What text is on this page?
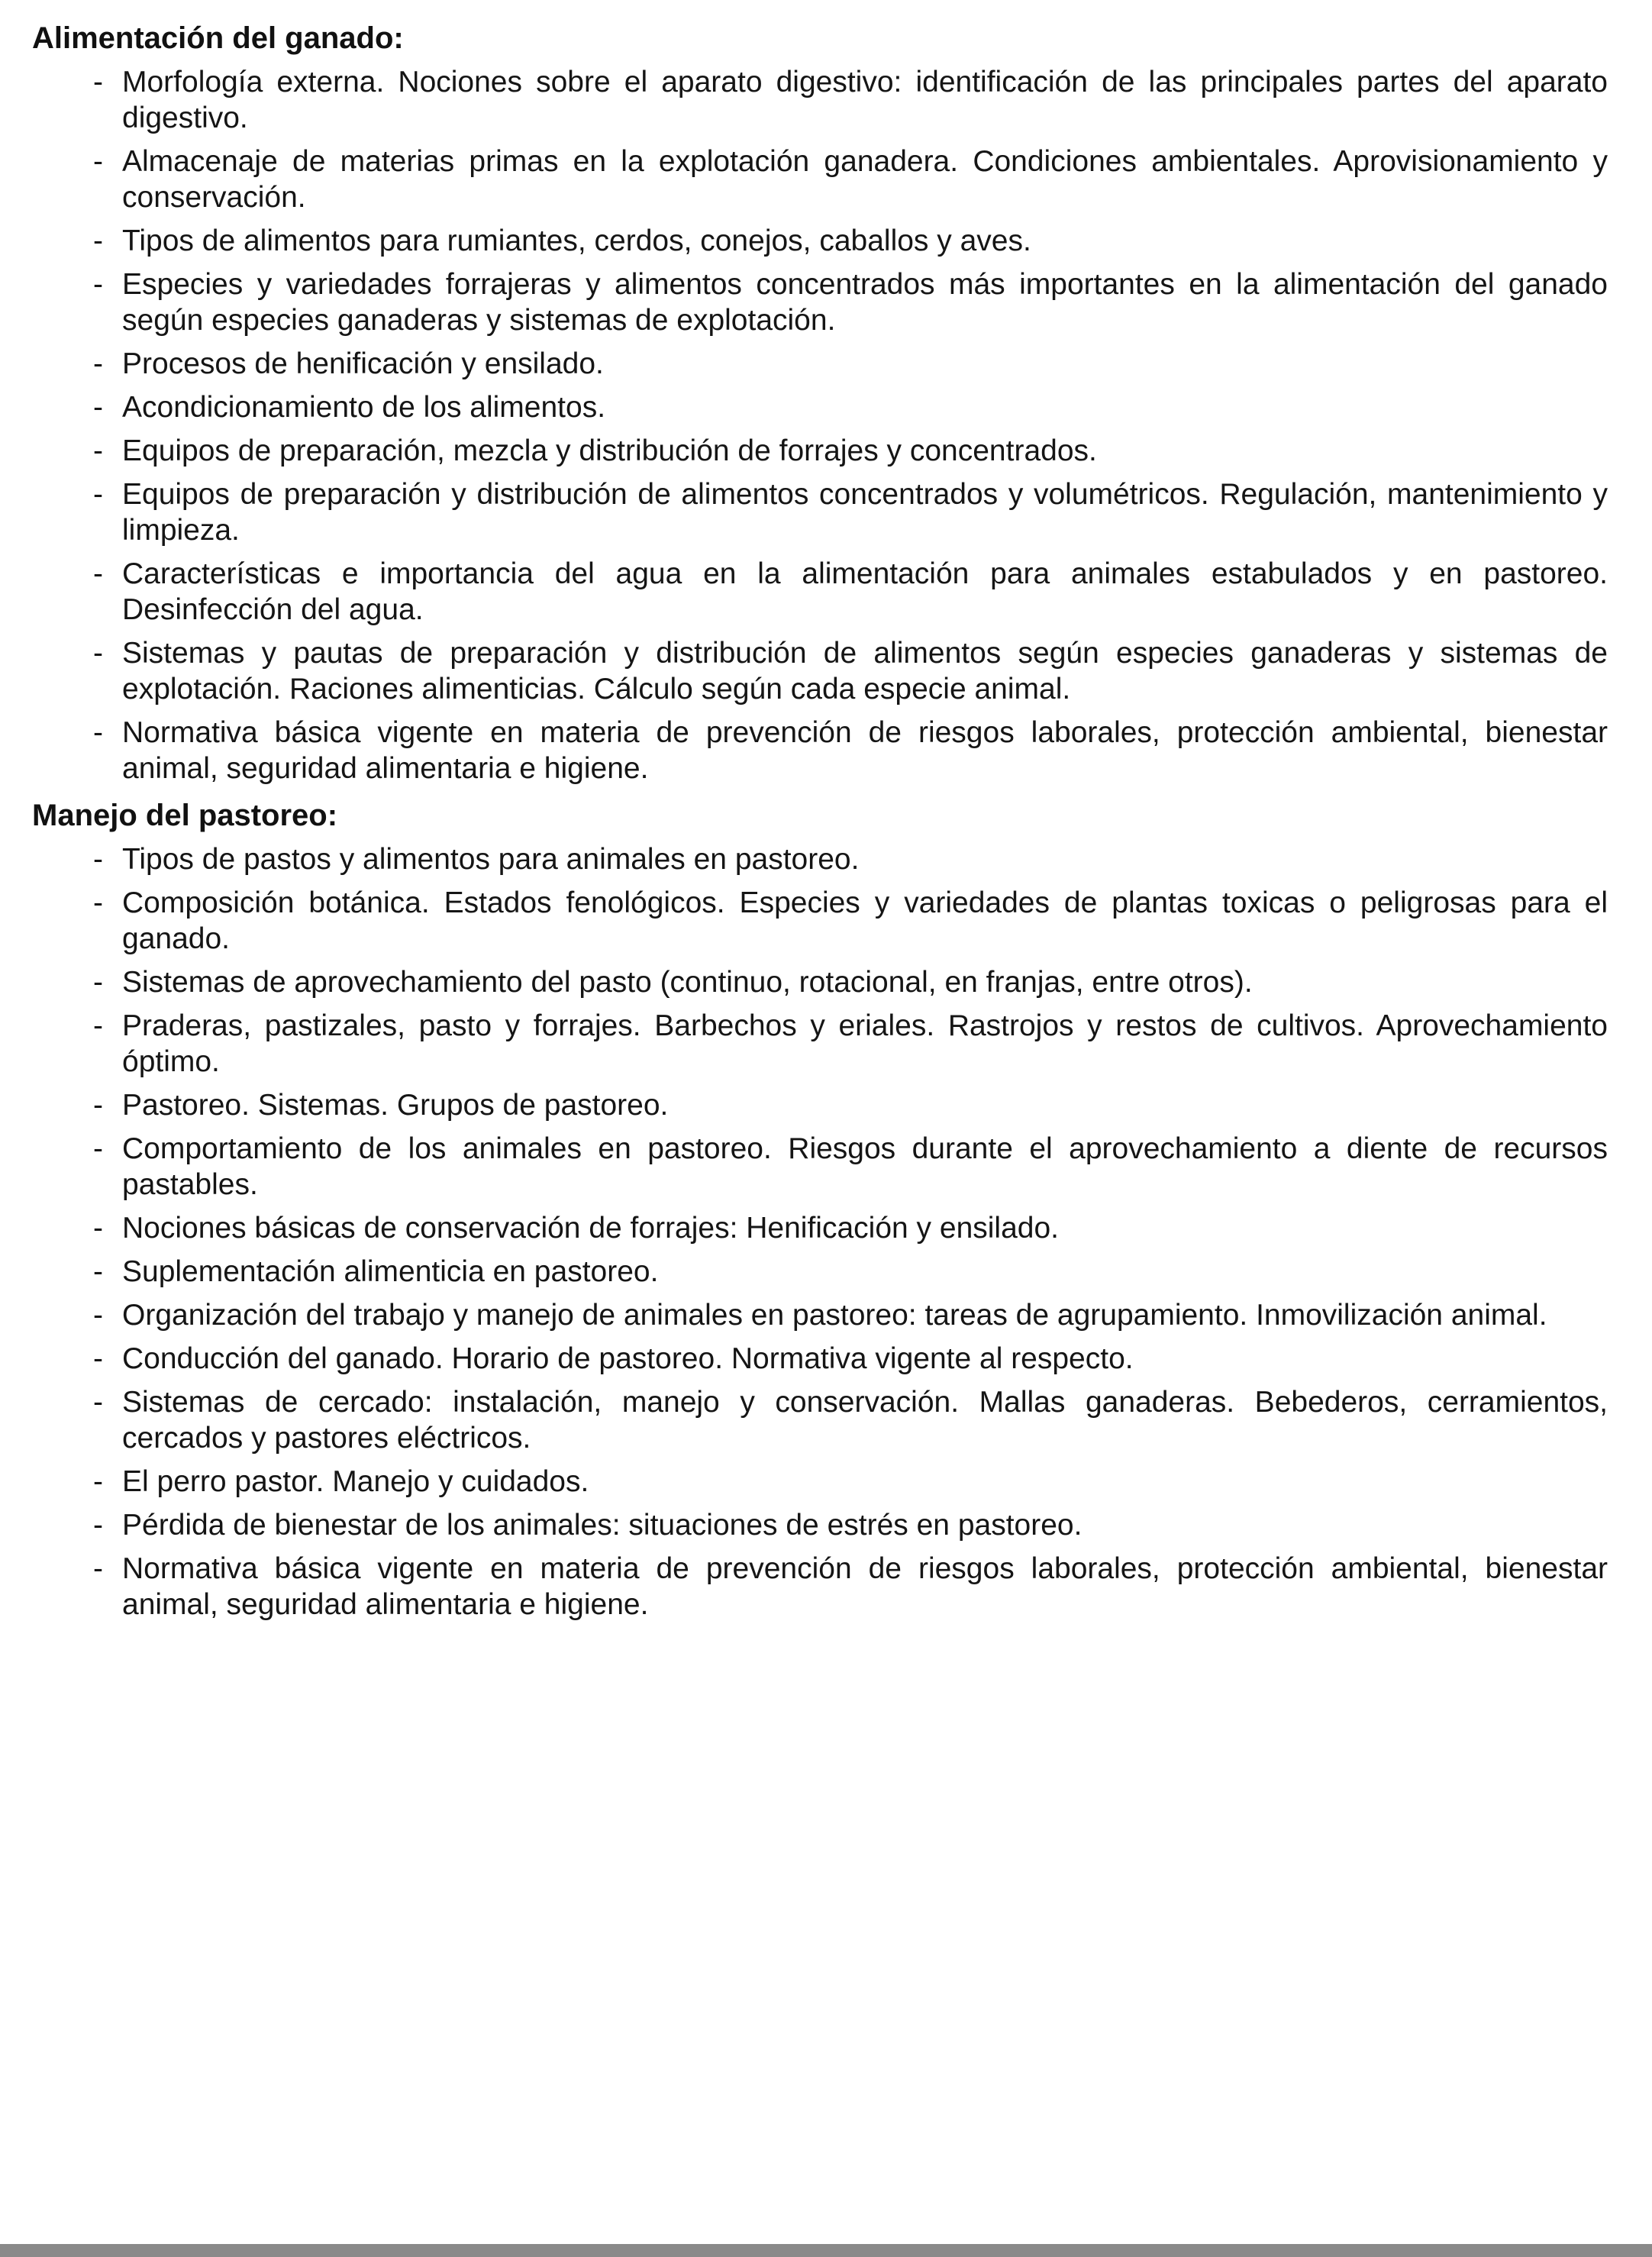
Alimentación del ganado:
- Morfología externa. Nociones sobre el aparato digestivo: identificación de las principales partes del aparato digestivo.
- Almacenaje de materias primas en la explotación ganadera. Condiciones ambientales. Aprovisionamiento y conservación.
- Tipos de alimentos para rumiantes, cerdos, conejos, caballos y aves.
- Especies y variedades forrajeras y alimentos concentrados más importantes en la alimentación del ganado según especies ganaderas y sistemas de explotación.
- Procesos de henificación y ensilado.
- Acondicionamiento de los alimentos.
- Equipos de preparación, mezcla y distribución de forrajes y concentrados.
- Equipos de preparación y distribución de alimentos concentrados y volumétricos. Regulación, mantenimiento y limpieza.
- Características e importancia del agua en la alimentación para animales estabulados y en pastoreo. Desinfección del agua.
- Sistemas y pautas de preparación y distribución de alimentos según especies ganaderas y sistemas de explotación. Raciones alimenticias. Cálculo según cada especie animal.
- Normativa básica vigente en materia de prevención de riesgos laborales, protección ambiental, bienestar animal, seguridad alimentaria e higiene.
Manejo del pastoreo:
- Tipos de pastos y alimentos para animales en pastoreo.
- Composición botánica. Estados fenológicos. Especies y variedades de plantas toxicas o peligrosas para el ganado.
- Sistemas de aprovechamiento del pasto (continuo, rotacional, en franjas, entre otros).
- Praderas, pastizales, pasto y forrajes. Barbechos y eriales. Rastrojos y restos de cultivos. Aprovechamiento óptimo.
- Pastoreo. Sistemas. Grupos de pastoreo.
- Comportamiento de los animales en pastoreo. Riesgos durante el aprovechamiento a diente de recursos pastables.
- Nociones básicas de conservación de forrajes: Henificación y ensilado.
- Suplementación alimenticia en pastoreo.
- Organización del trabajo y manejo de animales en pastoreo: tareas de agrupamiento. Inmovilización animal.
- Conducción del ganado. Horario de pastoreo. Normativa vigente al respecto.
- Sistemas de cercado: instalación, manejo y conservación. Mallas ganaderas. Bebederos, cerramientos, cercados y pastores eléctricos.
- El perro pastor. Manejo y cuidados.
- Pérdida de bienestar de los animales: situaciones de estrés en pastoreo.
- Normativa básica vigente en materia de prevención de riesgos laborales, protección ambiental, bienestar animal, seguridad alimentaria e higiene.
